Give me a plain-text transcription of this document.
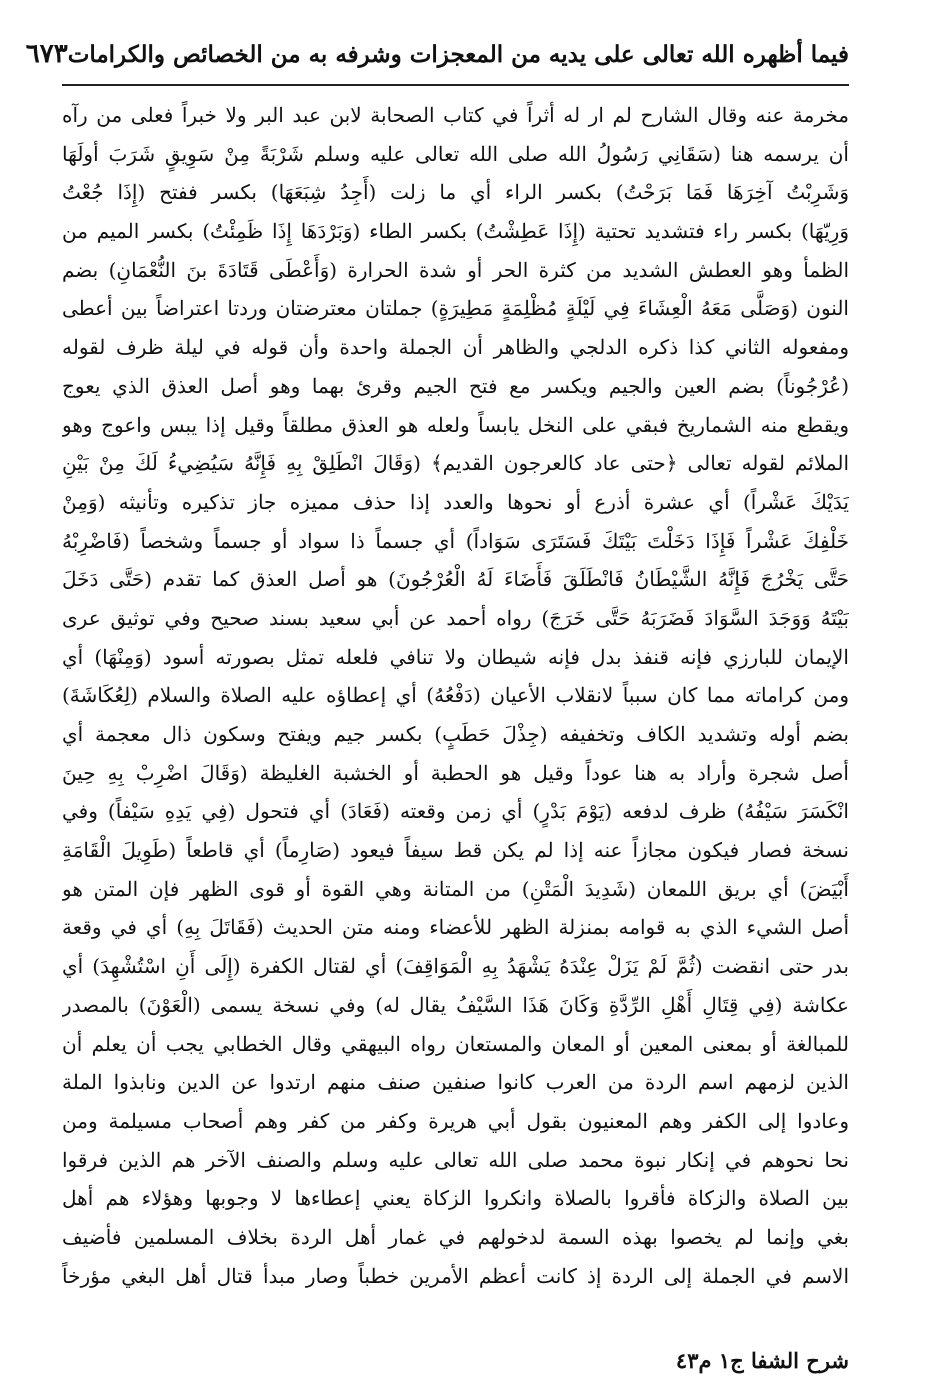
فيما أظهره الله تعالى على يديه من المعجزات وشرفه به من الخصائص والكرامات
٦٧٣
مخرمة عنه وقال الشارح لم ار له أثراً في كتاب الصحابة لابن عبد البر ولا خبراً فعلى من رآه
أن يرسمه هنا (سَقَانِي رَسُولُ الله صلى الله تعالى عليه وسلم شَرْبَةً مِنْ سَوِيقٍ شَرَبَ أولَهَا
وَشَرِبْتُ آخِرَهَا فَمَا بَرَحْتُ) بكسر الراء أي ما زلت (أَجِدُ شِبَعَهَا) بكسر ففتح (إِذَا جُعْتُ
وَرِيّهَا) بكسر راء فتشديد تحتية (إِذَا عَطِشْتُ) بكسر الطاء (وَبَرْدَهَا إِذَا ظَمِئْتُ) بكسر الميم من
الظمأ وهو العطش الشديد من كثرة الحر أو شدة الحرارة (وَأَعْطَى قَتَادَةَ بنَ النُّعْمَانِ) بضم
النون (وَصَلَّى مَعَهُ الْعِشَاءَ فِي لَيْلَةٍ مُظْلِمَةٍ مَطِيرَةٍ) جملتان معترضتان وردتا اعتراضاً بين أعطى
ومفعوله الثاني كذا ذكره الدلجي والظاهر أن الجملة واحدة وأن قوله في ليلة ظرف لقوله
(عُرْجُوناً) بضم العين والجيم ويكسر مع فتح الجيم وقرئ بهما وهو أصل العذق الذي يعوج
ويقطع منه الشماريخ فبقي على النخل يابساً ولعله هو العذق مطلقاً وقيل إذا يبس واعوج وهو
الملائم لقوله تعالى ﴿حتى عاد كالعرجون القديم﴾ (وَقَالَ انْطَلِقْ بِهِ فَإِنَّهُ سَيُضِيءُ لَكَ مِنْ بَيْنِ
يَدَيْكَ عَشْراً) أي عشرة أذرع أو نحوها والعدد إذا حذف مميزه جاز تذكيره وتأنيثه (وَمِنْ
خَلْفِكَ عَشْراً فَإِذَا دَخَلْتَ بَيْتَكَ فَسَتَرَى سَوَاداً) أي جسماً ذا سواد أو جسماً وشخصاً (فَاضْرِبْهُ
حَتَّى يَخْرُجَ فَإِنَّهُ الشَّيْطَانُ فَانْطَلَقَ فَأَضَاءَ لَهُ الْعُرْجُونَ) هو أصل العذق كما تقدم (حَتَّى دَخَلَ
بَيْتَهُ وَوَجَدَ السَّوَادَ فَضَرَبَهُ حَتَّى خَرَجَ) رواه أحمد عن أبي سعيد بسند صحيح وفي توثيق عرى
الإيمان للبارزي فإنه قنفذ بدل فإنه شيطان ولا تنافي فلعله تمثل بصورته أسود (وَمِنْهَا) أي
ومن كراماته مما كان سبباً لانقلاب الأعيان (دَفْعُهُ) أي إعطاؤه عليه الصلاة والسلام (لِعُكَاشَةَ)
بضم أوله وتشديد الكاف وتخفيفه (جِذْلَ حَطَبٍ) بكسر جيم ويفتح وسكون ذال معجمة أي
أصل شجرة وأراد به هنا عوداً وقيل هو الحطبة أو الخشبة الغليظة (وَقَالَ اضْرِبْ بِهِ حِينَ
انْكَسَرَ سَيْفُهُ) ظرف لدفعه (يَوْمَ بَدْرٍ) أي زمن وقعته (فَعَادَ) أي فتحول (فِي يَدِهِ سَيْفاً) وفي
نسخة فصار فيكون مجازاً عنه إذا لم يكن قط سيفاً فيعود (صَارِماً) أي قاطعاً (طَوِيلَ الْقَامَةِ
أَبْيَضَ) أي بريق اللمعان (شَدِيدَ الْمَتْنِ) من المتانة وهي القوة أو قوى الظهر فإن المتن هو
أصل الشيء الذي به قوامه بمنزلة الظهر للأعضاء ومنه متن الحديث (فَقَاتَلَ بِهِ) أي في وقعة
بدر حتى انقضت (ثُمَّ لَمْ يَزَلْ عِنْدَهُ يَشْهَدُ بِهِ الْمَوَاقِفَ) أي لقتال الكفرة (إِلَى أَنِ اسْتُشْهِدَ) أي
عكاشة (فِي قِتَالِ أَهْلِ الرِّدَّةِ وَكَانَ هَذَا السَّيْفُ يقال له) وفي نسخة يسمى (الْعَوْنَ) بالمصدر
للمبالغة أو بمعنى المعين أو المعان والمستعان رواه البيهقي وقال الخطابي يجب أن يعلم أن
الذين لزمهم اسم الردة من العرب كانوا صنفين صنف منهم ارتدوا عن الدين ونابذوا الملة
وعادوا إلى الكفر وهم المعنيون بقول أبي هريرة وكفر من كفر وهم أصحاب مسيلمة ومن
نحا نحوهم في إنكار نبوة محمد صلى الله تعالى عليه وسلم والصنف الآخر هم الذين فرقوا
بين الصلاة والزكاة فأقروا بالصلاة وانكروا الزكاة يعني إعطاءها لا وجوبها وهؤلاء هم أهل
بغي وإنما لم يخصوا بهذه السمة لدخولهم في غمار أهل الردة بخلاف المسلمين فأضيف
الاسم في الجملة إلى الردة إذ كانت أعظم الأمرين خطباً وصار مبدأ قتال أهل البغي مؤرخاً
شرح الشفا ج١ م٤٣
